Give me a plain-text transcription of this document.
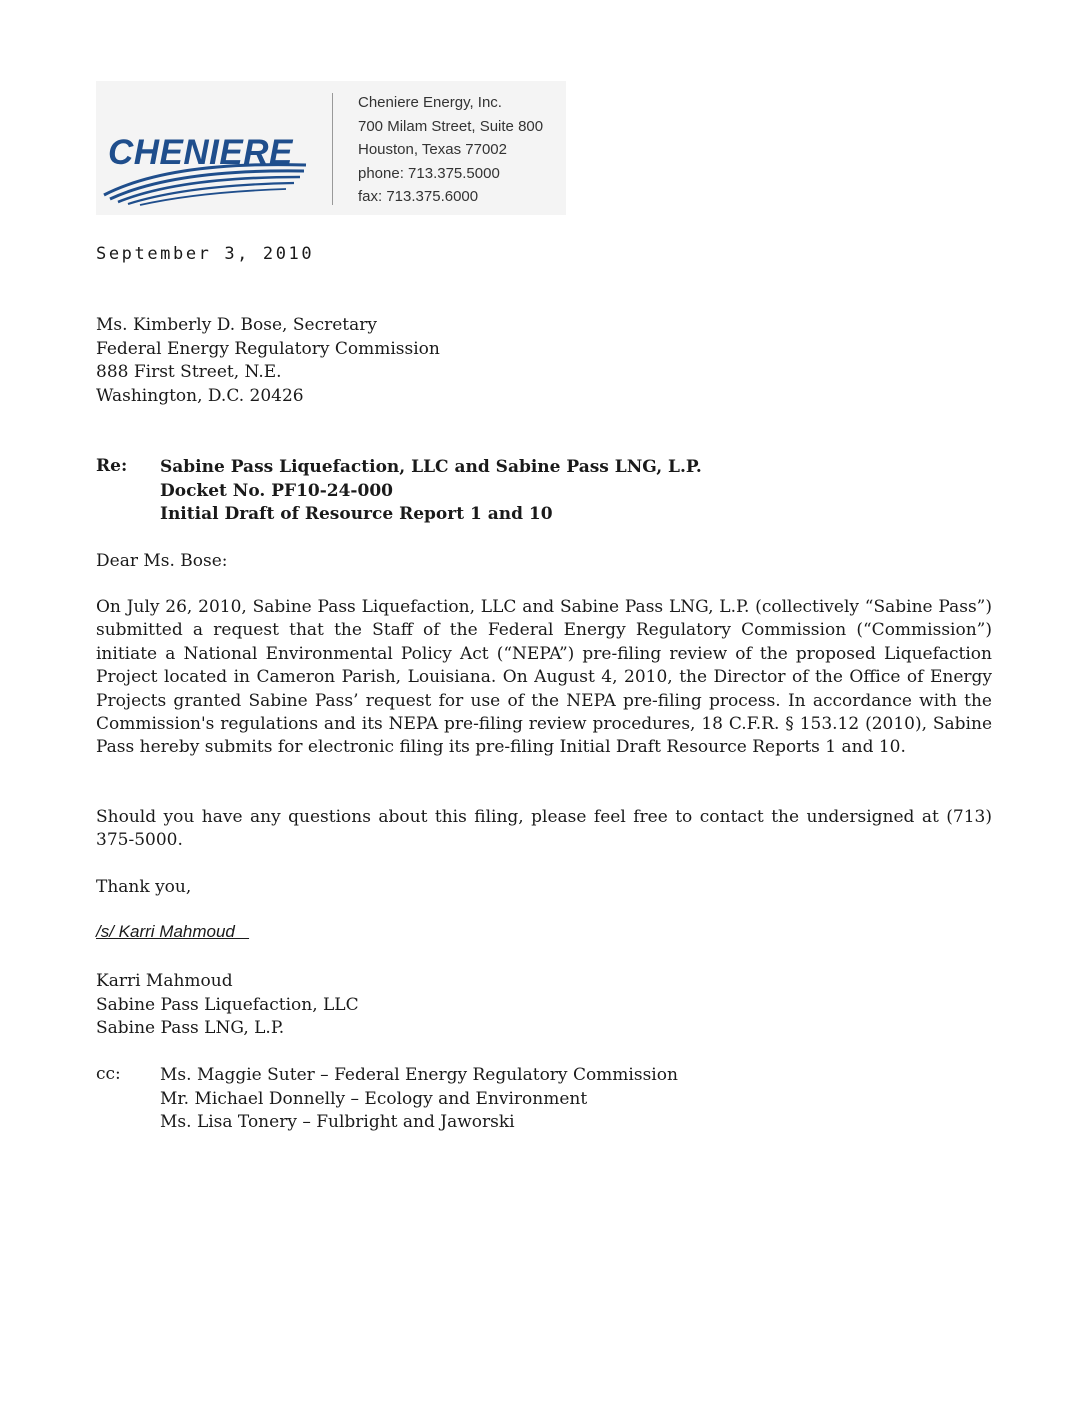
CHENIERE
Cheniere Energy, Inc.
700 Milam Street, Suite 800
Houston, Texas 77002
phone: 713.375.5000
fax: 713.375.6000
September 3, 2010
Ms. Kimberly D. Bose, Secretary
Federal Energy Regulatory Commission
888 First Street, N.E.
Washington, D.C. 20426
Re: Sabine Pass Liquefaction, LLC and Sabine Pass LNG, L.P.
Docket No. PF10-24-000
Initial Draft of Resource Report 1 and 10
Dear Ms. Bose:
On July 26, 2010, Sabine Pass Liquefaction, LLC and Sabine Pass LNG, L.P. (collectively “Sabine Pass”) submitted a request that the Staff of the Federal Energy Regulatory Commission (“Commission”) initiate a National Environmental Policy Act (“NEPA”) pre-filing review of the proposed Liquefaction Project located in Cameron Parish, Louisiana. On August 4, 2010, the Director of the Office of Energy Projects granted Sabine Pass’ request for use of the NEPA pre-filing process. In accordance with the Commission's regulations and its NEPA pre-filing review procedures, 18 C.F.R. § 153.12 (2010), Sabine Pass hereby submits for electronic filing its pre-filing Initial Draft Resource Reports 1 and 10.
Should you have any questions about this filing, please feel free to contact the undersigned at (713) 375-5000.
Thank you,
/s/ Karri Mahmoud
Karri Mahmoud
Sabine Pass Liquefaction, LLC
Sabine Pass LNG, L.P.
cc: Ms. Maggie Suter – Federal Energy Regulatory Commission
Mr. Michael Donnelly – Ecology and Environment
Ms. Lisa Tonery – Fulbright and Jaworski
